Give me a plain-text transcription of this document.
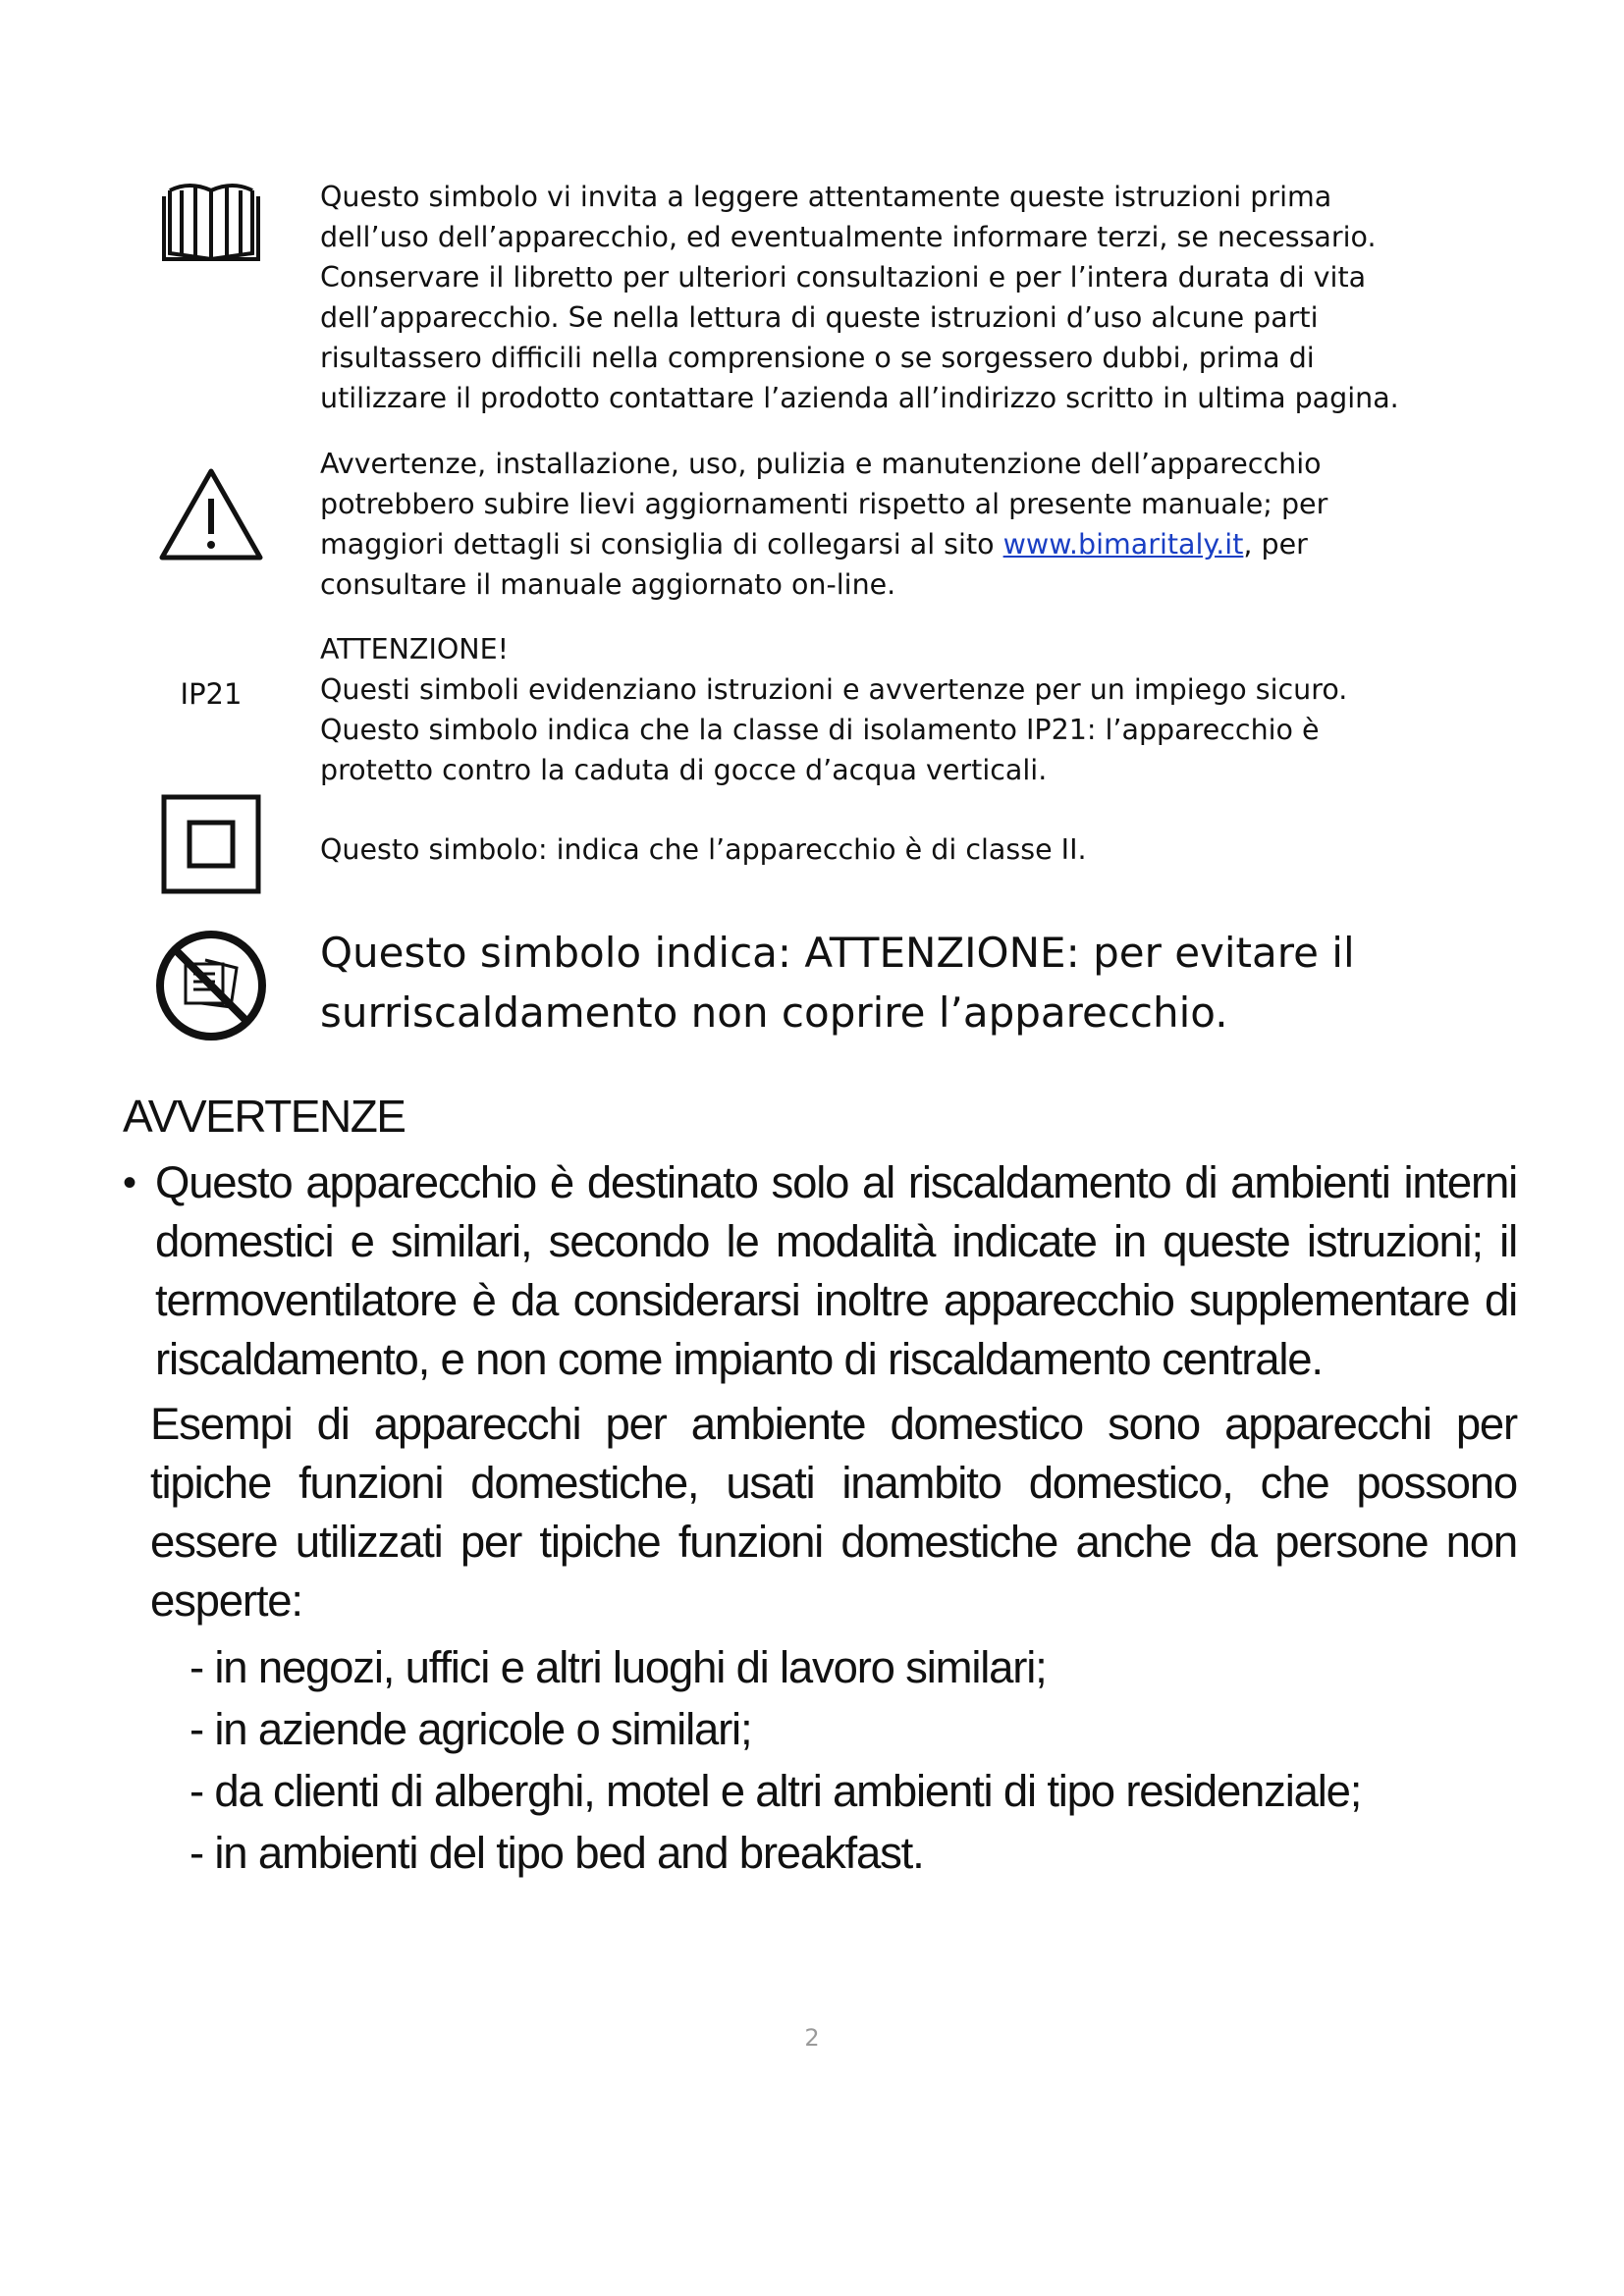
Questo simbolo vi invita a leggere attentamente queste istruzioni prima

dell’uso dell’apparecchio, ed eventualmente informare terzi, se necessario.

Conservare il libretto per ulteriori consultazioni e per l’intera durata di vita

dell’apparecchio. Se nella lettura di queste istruzioni d’uso alcune parti

risultassero difficili nella comprensione o se sorgessero dubbi, prima di

utilizzare il prodotto contattare l’azienda all’indirizzo scritto in ultima pagina.

Avvertenze, installazione, uso, pulizia e manutenzione dell’apparecchio

potrebbero subire lievi aggiornamenti rispetto al presente manuale; per

maggiori dettagli si consiglia di collegarsi al sito www.bimaritaly.it, per

consultare il manuale aggiornato on-line.

IP21

ATTENZIONE!

Questi simboli evidenziano istruzioni e avvertenze per un impiego sicuro.

Questo simbolo indica che la classe di isolamento IP21: l’apparecchio è

protetto contro la caduta di gocce d’acqua verticali.

Questo simbolo: indica che l’apparecchio è di classe II.

Questo simbolo indica: ATTENZIONE: per evitare il

surriscaldamento non coprire l’apparecchio.

AVVERTENZE
• Questo apparecchio è destinato solo al riscaldamento di ambienti interni domestici e similari, secondo le modalità indicate in queste istruzioni; il termoventilatore è da considerarsi inoltre apparecchio supplementare di riscaldamento, e non come impianto di riscaldamento centrale.
Esempi di apparecchi per ambiente domestico sono apparecchi per tipiche funzioni domestiche, usati inambito domestico, che possono essere utilizzati per tipiche funzioni domestiche anche da persone non esperte:
- in negozi, uffici e altri luoghi di lavoro similari;
- in aziende agricole o similari;
- da clienti di alberghi, motel e altri ambienti di tipo residenziale;
- in ambienti del tipo bed and breakfast.
2
